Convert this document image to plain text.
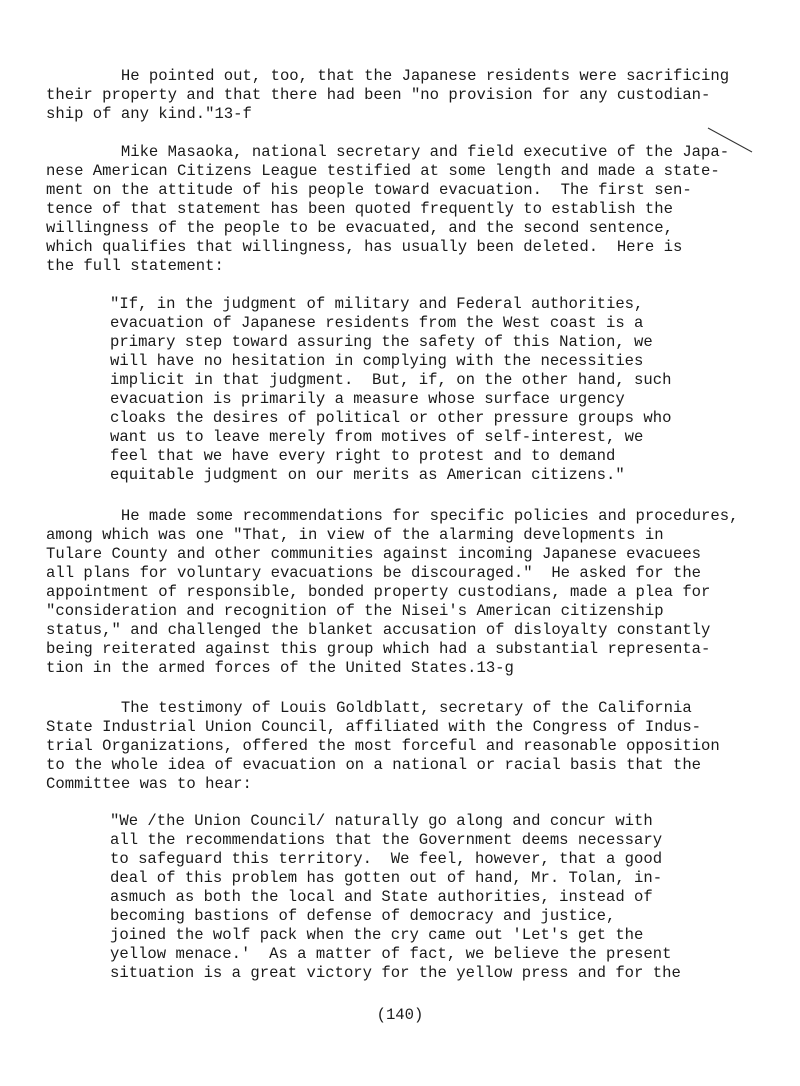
He pointed out, too, that the Japanese residents were sacrificing
their property and that there had been "no provision for any custodian-
ship of any kind."13-f
Mike Masaoka, national secretary and field executive of the Japa-
nese American Citizens League testified at some length and made a state-
ment on the attitude of his people toward evacuation.  The first sen-
tence of that statement has been quoted frequently to establish the
willingness of the people to be evacuated, and the second sentence,
which qualifies that willingness, has usually been deleted.  Here is
the full statement:
"If, in the judgment of military and Federal authorities,
evacuation of Japanese residents from the West coast is a
primary step toward assuring the safety of this Nation, we
will have no hesitation in complying with the necessities
implicit in that judgment.  But, if, on the other hand, such
evacuation is primarily a measure whose surface urgency
cloaks the desires of political or other pressure groups who
want us to leave merely from motives of self-interest, we
feel that we have every right to protest and to demand
equitable judgment on our merits as American citizens."
He made some recommendations for specific policies and procedures,
among which was one "That, in view of the alarming developments in
Tulare County and other communities against incoming Japanese evacuees
all plans for voluntary evacuations be discouraged."  He asked for the
appointment of responsible, bonded property custodians, made a plea for
"consideration and recognition of the Nisei's American citizenship
status," and challenged the blanket accusation of disloyalty constantly
being reiterated against this group which had a substantial representa-
tion in the armed forces of the United States.13-g
The testimony of Louis Goldblatt, secretary of the California
State Industrial Union Council, affiliated with the Congress of Indus-
trial Organizations, offered the most forceful and reasonable opposition
to the whole idea of evacuation on a national or racial basis that the
Committee was to hear:
"We /the Union Council/ naturally go along and concur with
all the recommendations that the Government deems necessary
to safeguard this territory.  We feel, however, that a good
deal of this problem has gotten out of hand, Mr. Tolan, in-
asmuch as both the local and State authorities, instead of
becoming bastions of defense of democracy and justice,
joined the wolf pack when the cry came out 'Let's get the
yellow menace.'  As a matter of fact, we believe the present
situation is a great victory for the yellow press and for the
(140)
